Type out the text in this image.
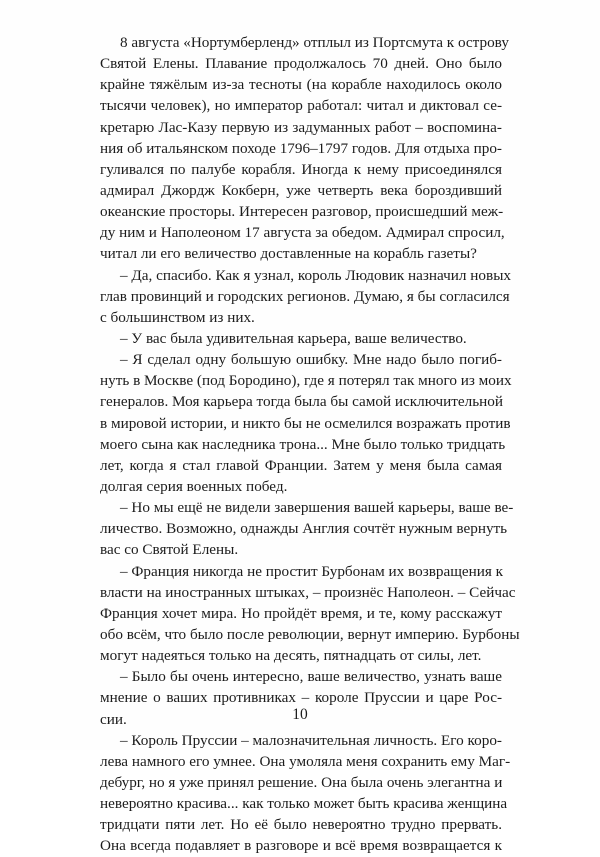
8 августа «Нортумберленд» отплыл из Портсмута к острову
Святой Елены. Плавание продолжалось 70 дней. Оно было
крайне тяжёлым из-за тесноты (на корабле находилось около
тысячи человек), но император работал: читал и диктовал се-
кретарю Лас-Казу первую из задуманных работ – воспомина-
ния об итальянском походе 1796–1797 годов. Для отдыха про-
гуливался по палубе корабля. Иногда к нему присоединялся
адмирал Джордж Кокберн, уже четверть века бороздивший
океанские просторы. Интересен разговор, происшедший меж-
ду ним и Наполеоном 17 августа за обедом. Адмирал спросил,
читал ли его величество доставленные на корабль газеты?
– Да, спасибо. Как я узнал, король Людовик назначил новых
глав провинций и городских регионов. Думаю, я бы согласился
с большинством из них.
– У вас была удивительная карьера, ваше величество.
– Я сделал одну большую ошибку. Мне надо было погиб-
нуть в Москве (под Бородино), где я потерял так много из моих
генералов. Моя карьера тогда была бы самой исключительной
в мировой истории, и никто бы не осмелился возражать против
моего сына как наследника трона... Мне было только тридцать
лет, когда я стал главой Франции. Затем у меня была самая
долгая серия военных побед.
– Но мы ещё не видели завершения вашей карьеры, ваше ве-
личество. Возможно, однажды Англия сочтёт нужным вернуть
вас со Святой Елены.
– Франция никогда не простит Бурбонам их возвращения к
власти на иностранных штыках, – произнёс Наполеон. – Сейчас
Франция хочет мира. Но пройдёт время, и те, кому расскажут
обо всём, что было после революции, вернут империю. Бурбоны
могут надеяться только на десять, пятнадцать от силы, лет.
– Было бы очень интересно, ваше величество, узнать ваше
мнение о ваших противниках – короле Пруссии и царе Рос-
сии.
– Король Пруссии – малозначительная личность. Его коро-
лева намного его умнее. Она умоляла меня сохранить ему Маг-
дебург, но я уже принял решение. Она была очень элегантна и
невероятно красива... как только может быть красива женщина
тридцати пяти лет. Но её было невероятно трудно прервать.
Она всегда подавляет в разговоре и всё время возвращается к
10
